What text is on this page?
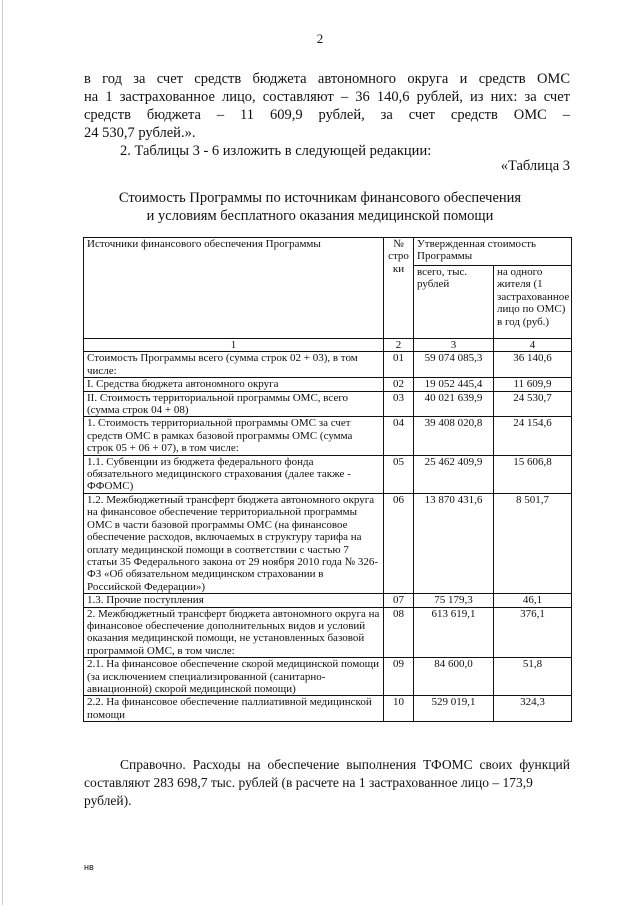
2
в год за счет средств бюджета автономного округа и средств ОМС
на 1 застрахованное лицо, составляют – 36 140,6 рублей, из них: за счет
средств бюджета – 11 609,9 рублей, за счет средств ОМС –
24 530,7 рублей.».
2. Таблицы 3 - 6 изложить в следующей редакции:
«Таблица 3
Стоимость Программы по источникам финансового обеспечения
и условиям бесплатного оказания медицинской помощи
Источники финансового обеспечения Программы	№ стро ки	Утвержденная стоимость Программы	
		всего, тыс. рублей	на одного жителя (1 застрахованное лицо по ОМС) в год (руб.)
1	2	3	4
Стоимость Программы всего (сумма строк 02 + 03), в том числе:	01	59 074 085,3	36 140,6
I. Средства бюджета автономного округа	02	19 052 445,4	11 609,9
II. Стоимость территориальной программы ОМС, всего (сумма строк 04 + 08)	03	40 021 639,9	24 530,7
1. Стоимость территориальной программы ОМС за счет средств ОМС в рамках базовой программы ОМС (сумма строк 05 + 06 + 07), в том числе:	04	39 408 020,8	24 154,6
1.1. Субвенции из бюджета федерального фонда обязательного медицинского страхования (далее также - ФФОМС)	05	25 462 409,9	15 606,8
1.2. Межбюджетный трансферт бюджета автономного округа на финансовое обеспечение территориальной программы ОМС в части базовой программы ОМС (на финансовое обеспечение расходов, включаемых в структуру тарифа на оплату медицинской помощи в соответствии с частью 7 статьи 35 Федерального закона от 29 ноября 2010 года № 326-ФЗ «Об обязательном медицинском страховании в Российской Федерации»)	06	13 870 431,6	8 501,7
1.3. Прочие поступления	07	75 179,3	46,1
2. Межбюджетный трансферт бюджета автономного округа на финансовое обеспечение дополнительных видов и условий оказания медицинской помощи, не установленных базовой программой ОМС, в том числе:	08	613 619,1	376,1
2.1. На финансовое обеспечение скорой медицинской помощи (за исключением специализированной (санитарно-авиационной) скорой медицинской помощи)	09	84 600,0	51,8
2.2. На финансовое обеспечение паллиативной медицинской помощи	10	529 019,1	324,3
Справочно. Расходы на обеспечение выполнения ТФОМС своих функций
составляют 283 698,7 тыс. рублей (в расчете на 1 застрахованное лицо – 173,9 рублей).
нв
